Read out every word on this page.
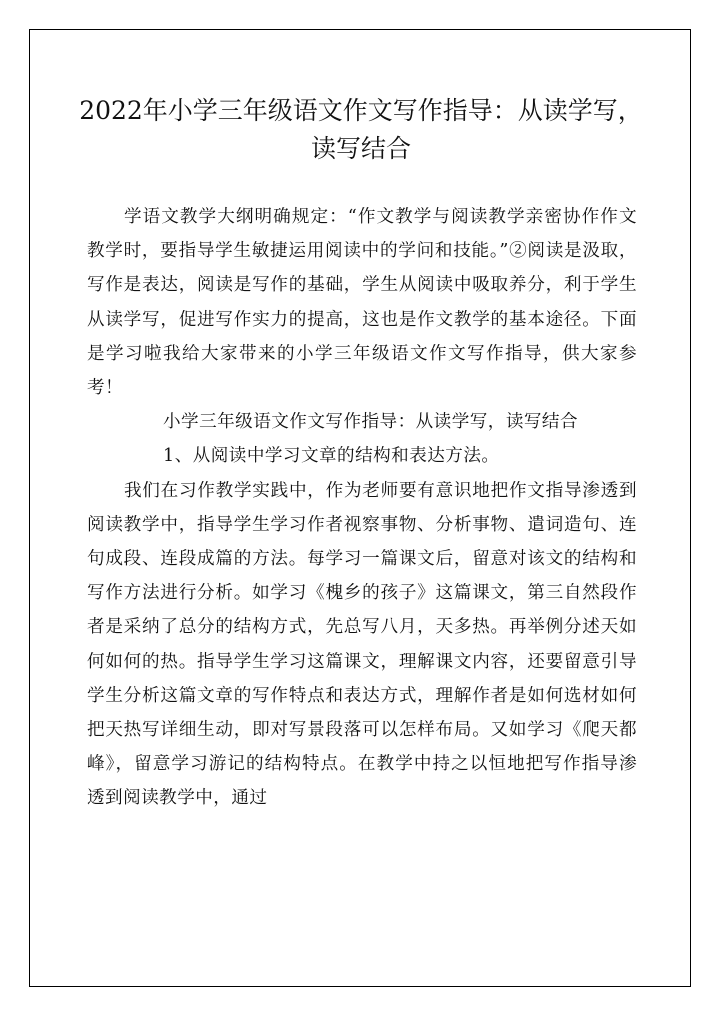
2022年小学三年级语文作文写作指导：从读学写，读写结合

学语文教学大纲明确规定：“作文教学与阅读教学亲密协作作文教学时，要指导学生敏捷运用阅读中的学问和技能。”②阅读是汲取，写作是表达，阅读是写作的基础，学生从阅读中吸取养分，利于学生从读学写，促进写作实力的提高，这也是作文教学的基本途径。下面是学习啦我给大家带来的小学三年级语文作文写作指导，供大家参考！

小学三年级语文作文写作指导：从读学写，读写结合

1、从阅读中学习文章的结构和表达方法。

我们在习作教学实践中，作为老师要有意识地把作文指导渗透到阅读教学中，指导学生学习作者视察事物、分析事物、遣词造句、连句成段、连段成篇的方法。每学习一篇课文后，留意对该文的结构和写作方法进行分析。如学习《槐乡的孩子》这篇课文，第三自然段作者是采纳了总分的结构方式，先总写八月，天多热。再举例分述天如何如何的热。指导学生学习这篇课文，理解课文内容，还要留意引导学生分析这篇文章的写作特点和表达方式，理解作者是如何选材如何把天热写详细生动，即对写景段落可以怎样布局。又如学习《爬天都峰》，留意学习游记的结构特点。在教学中持之以恒地把写作指导渗透到阅读教学中，通过
